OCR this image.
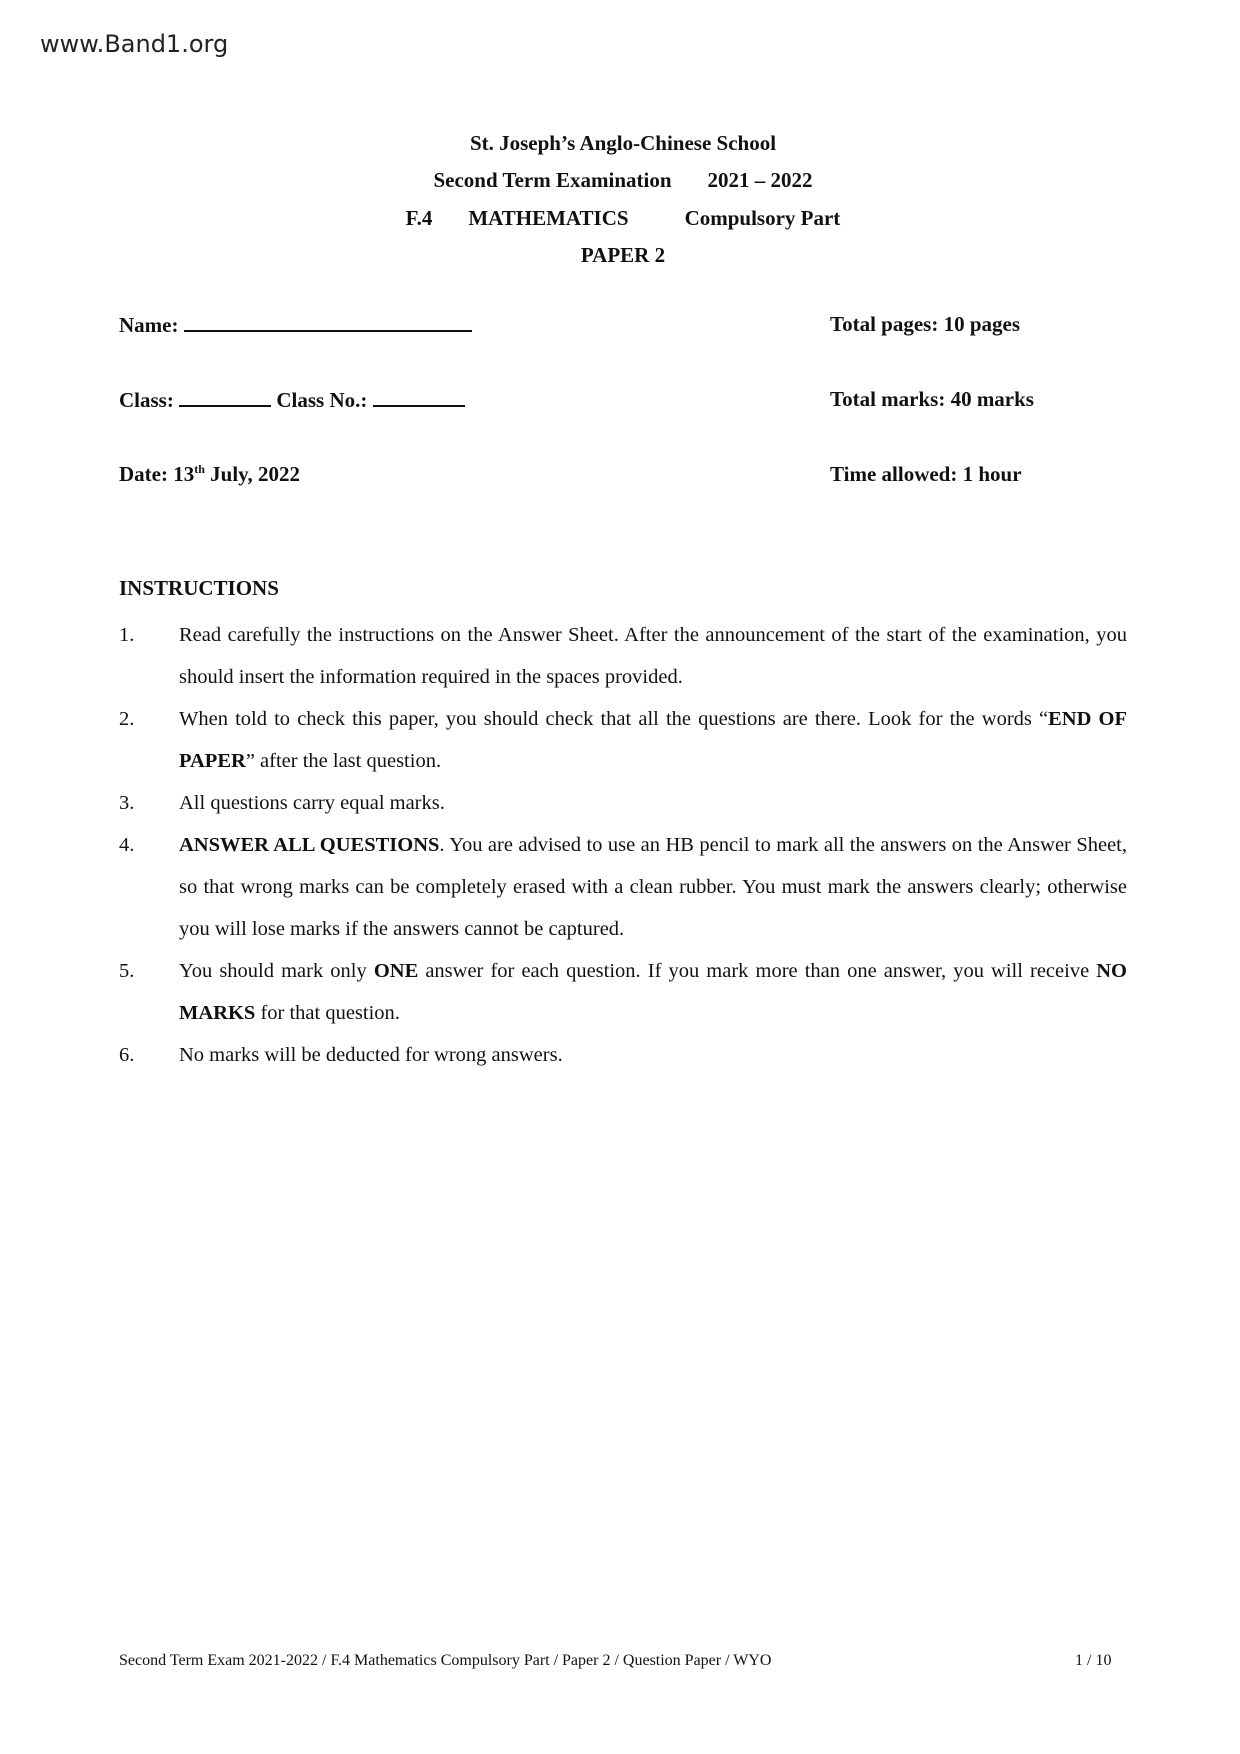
www.Band1.org
St. Joseph’s Anglo-Chinese School
Second Term Examination 2021 – 2022
F.4 MATHEMATICS	Compulsory Part
PAPER 2
Name:
Class:	Class No.:
Date: 13th July, 2022
Total pages: 10 pages
Total marks: 40 marks
Time allowed: 1 hour
INSTRUCTIONS
1. Read carefully the instructions on the Answer Sheet. After the announcement of the start of the examination, you should insert the information required in the spaces provided.
2. When told to check this paper, you should check that all the questions are there. Look for the words “END OF PAPER” after the last question.
3. All questions carry equal marks.
4. ANSWER ALL QUESTIONS. You are advised to use an HB pencil to mark all the answers on the Answer Sheet, so that wrong marks can be completely erased with a clean rubber. You must mark the answers clearly; otherwise you will lose marks if the answers cannot be captured.
5. You should mark only ONE answer for each question. If you mark more than one answer, you will receive NO MARKS for that question.
6. No marks will be deducted for wrong answers.
Second Term Exam 2021-2022 / F.4 Mathematics Compulsory Part / Paper 2 / Question Paper / WYO	1 / 10
